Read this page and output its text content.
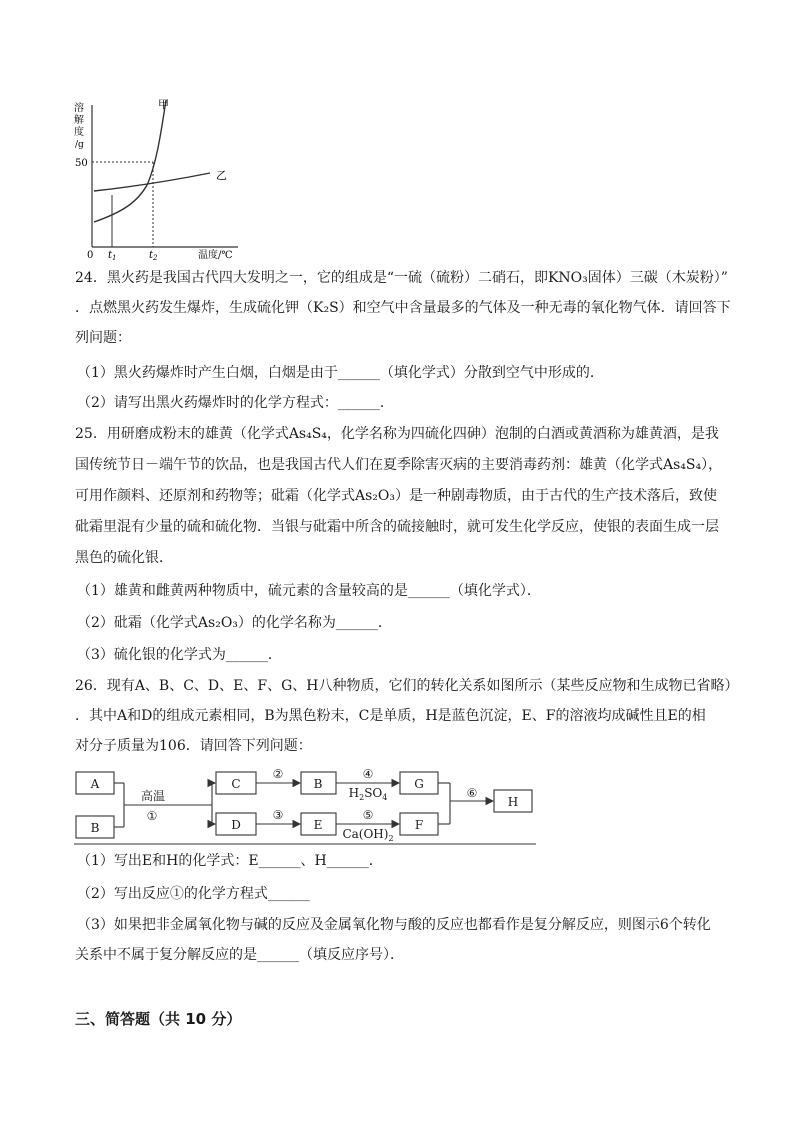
溶
解
度
/g
50
0 $t_1$	$t_2$	温度/℃
甲
乙
24．黑火药是我国古代四大发明之一，它的组成是“一硫（硫粉）二硝石，即KNO₃固体）三碳（木炭粉）”
．点燃黑火药发生爆炸，生成硫化钾（K₂S）和空气中含量最多的气体及一种无毒的氧化物气体．请回答下
列问题：
（1）黑火药爆炸时产生白烟，白烟是由于______（填化学式）分散到空气中形成的．
（2）请写出黑火药爆炸时的化学方程式：______．
25．用研磨成粉末的雄黄（化学式As₄S₄，化学名称为四硫化四砷）泡制的白酒或黄酒称为雄黄酒，是我
国传统节日－端午节的饮品，也是我国古代人们在夏季除害灭病的主要消毒药剂：雄黄（化学式As₄S₄），
可用作颜料、还原剂和药物等；砒霜（化学式As₂O₃）是一种剧毒物质，由于古代的生产技术落后，致使
砒霜里混有少量的硫和硫化物．当银与砒霜中所含的硫接触时，就可发生化学反应，使银的表面生成一层
黑色的硫化银．
（1）雄黄和雌黄两种物质中，硫元素的含量较高的是______（填化学式）．
（2）砒霜（化学式As₂O₃）的化学名称为______．
（3）硫化银的化学式为______．
26．现有A、B、C、D、E、F、G、H八种物质，它们的转化关系如图所示（某些反应物和生成物已省略）
．其中A和D的组成元素相同，B为黑色粉末，C是单质，H是蓝色沉淀，E、F的溶液均成碱性且E的相
对分子质量为106．请回答下列问题：
A
B
C
D
B
E
G
F
H
高温
①
②
③
④
⑤
⑥
$H_2SO_4$
$Ca(OH)_2$
（1）写出E和H的化学式：E______、H______．
（2）写出反应①的化学方程式______
（3）如果把非金属氧化物与碱的反应及金属氧化物与酸的反应也都看作是复分解反应，则图示6个转化
关系中不属于复分解反应的是______（填反应序号）．
三、简答题（共 10 分）
